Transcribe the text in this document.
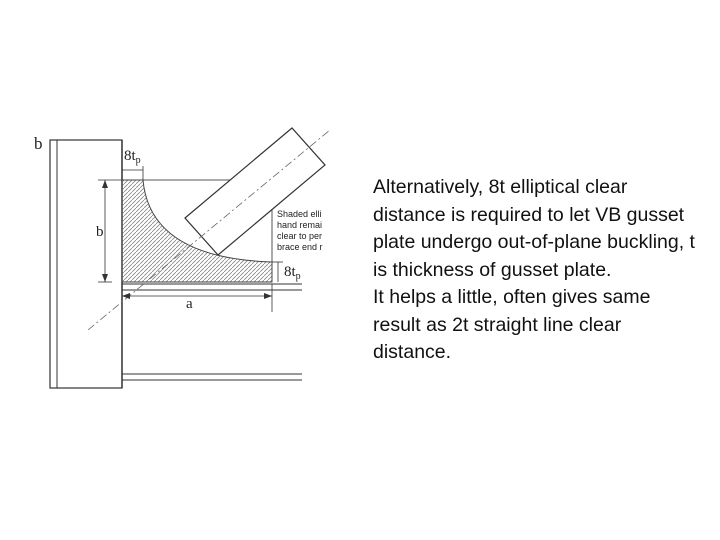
b
b
a
$8t_p$
$8t_p$
Shaded elli
hand remai
clear to per
brace end r

Alternatively, 8t elliptical clear distance is required to let VB gusset plate undergo out-of-plane buckling, t is thickness of gusset plate.

It helps a little, often gives same result as 2t straight line clear distance.
